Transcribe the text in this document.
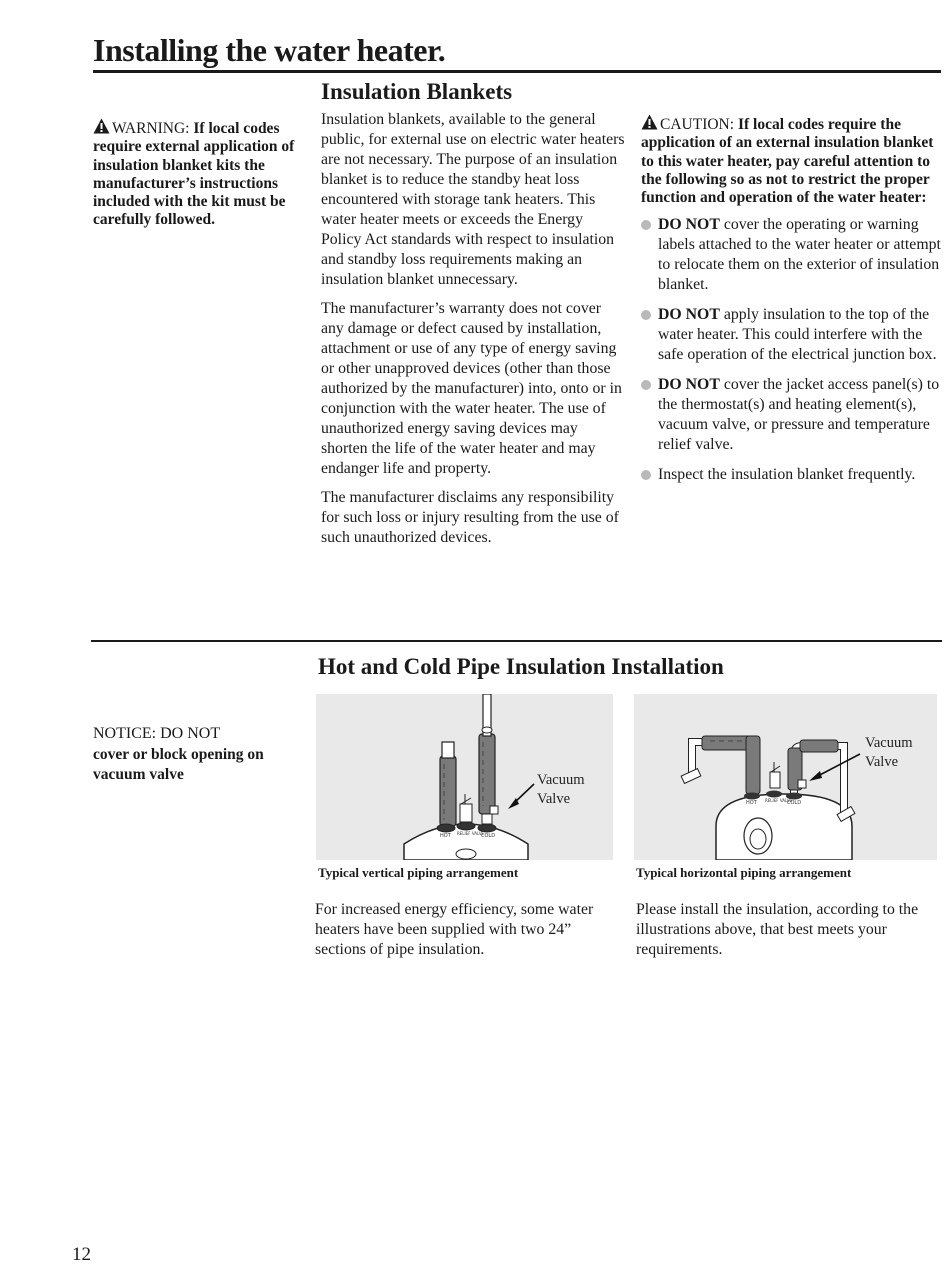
Installing the water heater.
Insulation Blankets
WARNING: If local codes require external application of insulation blanket kits the manufacturer’s instructions included with the kit must be carefully followed.

Insulation blankets, available to the general public, for external use on electric water heaters are not necessary. The purpose of an insulation blanket is to reduce the standby heat loss encountered with storage tank heaters. This water heater meets or exceeds the Energy Policy Act standards with respect to insulation and standby loss requirements making an insulation blanket unnecessary.

The manufacturer’s warranty does not cover any damage or defect caused by installation, attachment or use of any type of energy saving or other unapproved devices (other than those authorized by the manufacturer) into, onto or in conjunction with the water heater. The use of unauthorized energy saving devices may shorten the life of the water heater and may endanger life and property.

The manufacturer disclaims any responsibility for such loss or injury resulting from the use of such unauthorized devices.

CAUTION: If local codes require the application of an external insulation blanket to this water heater, pay careful attention to the following so as not to restrict the proper function and operation of the water heater:
DO NOT cover the operating or warning labels attached to the water heater or attempt to relocate them on the exterior of insulation blanket.
DO NOT apply insulation to the top of the water heater. This could interfere with the safe operation of the electrical junction box.
DO NOT cover the jacket access panel(s) to the thermostat(s) and heating element(s), vacuum valve, or pressure and temperature relief valve.
Inspect the insulation blanket frequently.
Hot and Cold Pipe Insulation Installation
NOTICE: DO NOT
cover or block opening on vacuum valve
HOT RELIEF VALVE
COLD
Vacuum
Valve
Typical vertical piping arrangement
For increased energy efficiency, some water heaters have been supplied with two 24” sections of pipe insulation.
HOT RELIEF VALVE
COLD
Vacuum
Valve
Typical horizontal piping arrangement
Please install the insulation, according to the illustrations above, that best meets your requirements.
12
